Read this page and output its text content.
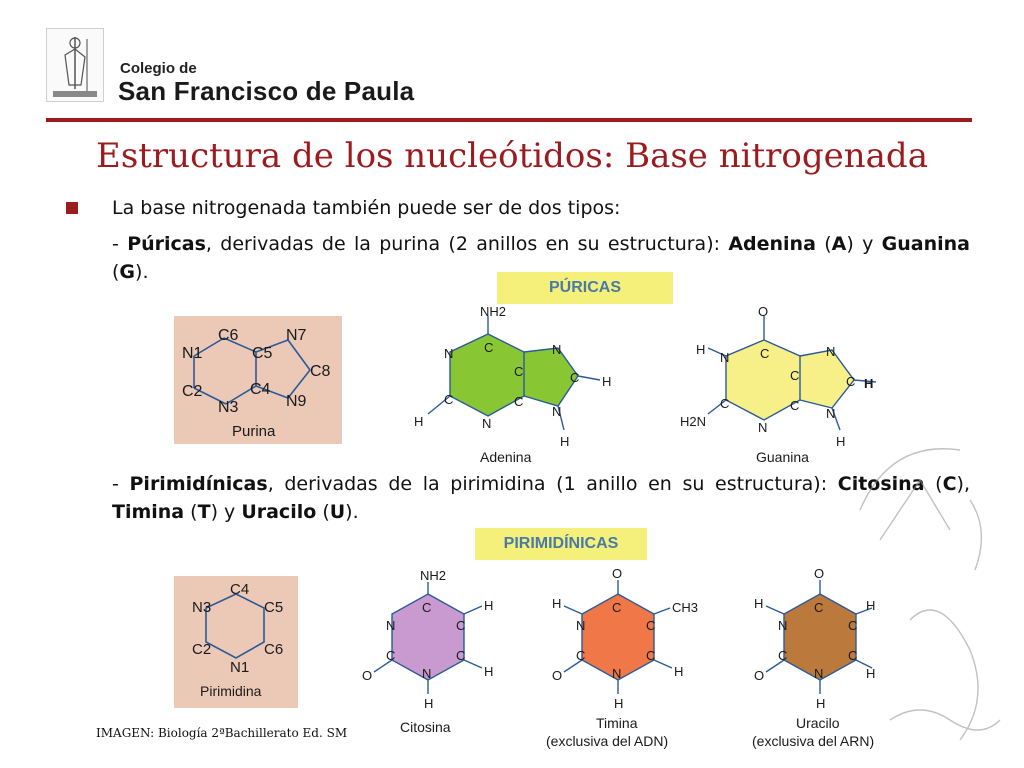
Colegio de
San Francisco de Paula
Estructura de los nucleótidos: Base nitrogenada
La base nitrogenada también puede ser de dos tipos:
- Púricas, derivadas de la purina (2 anillos en su estructura): Adenina (A) y Guanina (G).
PÚRICAS
N1
C2
N3
C4
C5
C6	N7
C8
N9
Purina
NH2
N C
C
C
N
C
N
C
N
H
H
H
Adenina
O
H
H
H
H2N
N C
C
C
N
C
N
C
N
Guanina
- Pirimidínicas, derivadas de la pirimidina (1 anillo en su estructura): Citosina (C), Timina (T) y Uracilo (U).
PIRIMIDÍNICAS
N3
C4
C5
C6
N1
C2
Pirimidina
NH2
C
N	C
C
N
C
O
H
H
H
Citosina
O
H	CH3
C
N	C
C
N
C
O	H
H
Timina
(exclusiva del ADN)
O
H	H
C
N	C
C
N
C
O	H
H
Uracilo
(exclusiva del ARN)
IMAGEN: Biología 2ªBachillerato Ed. SM
